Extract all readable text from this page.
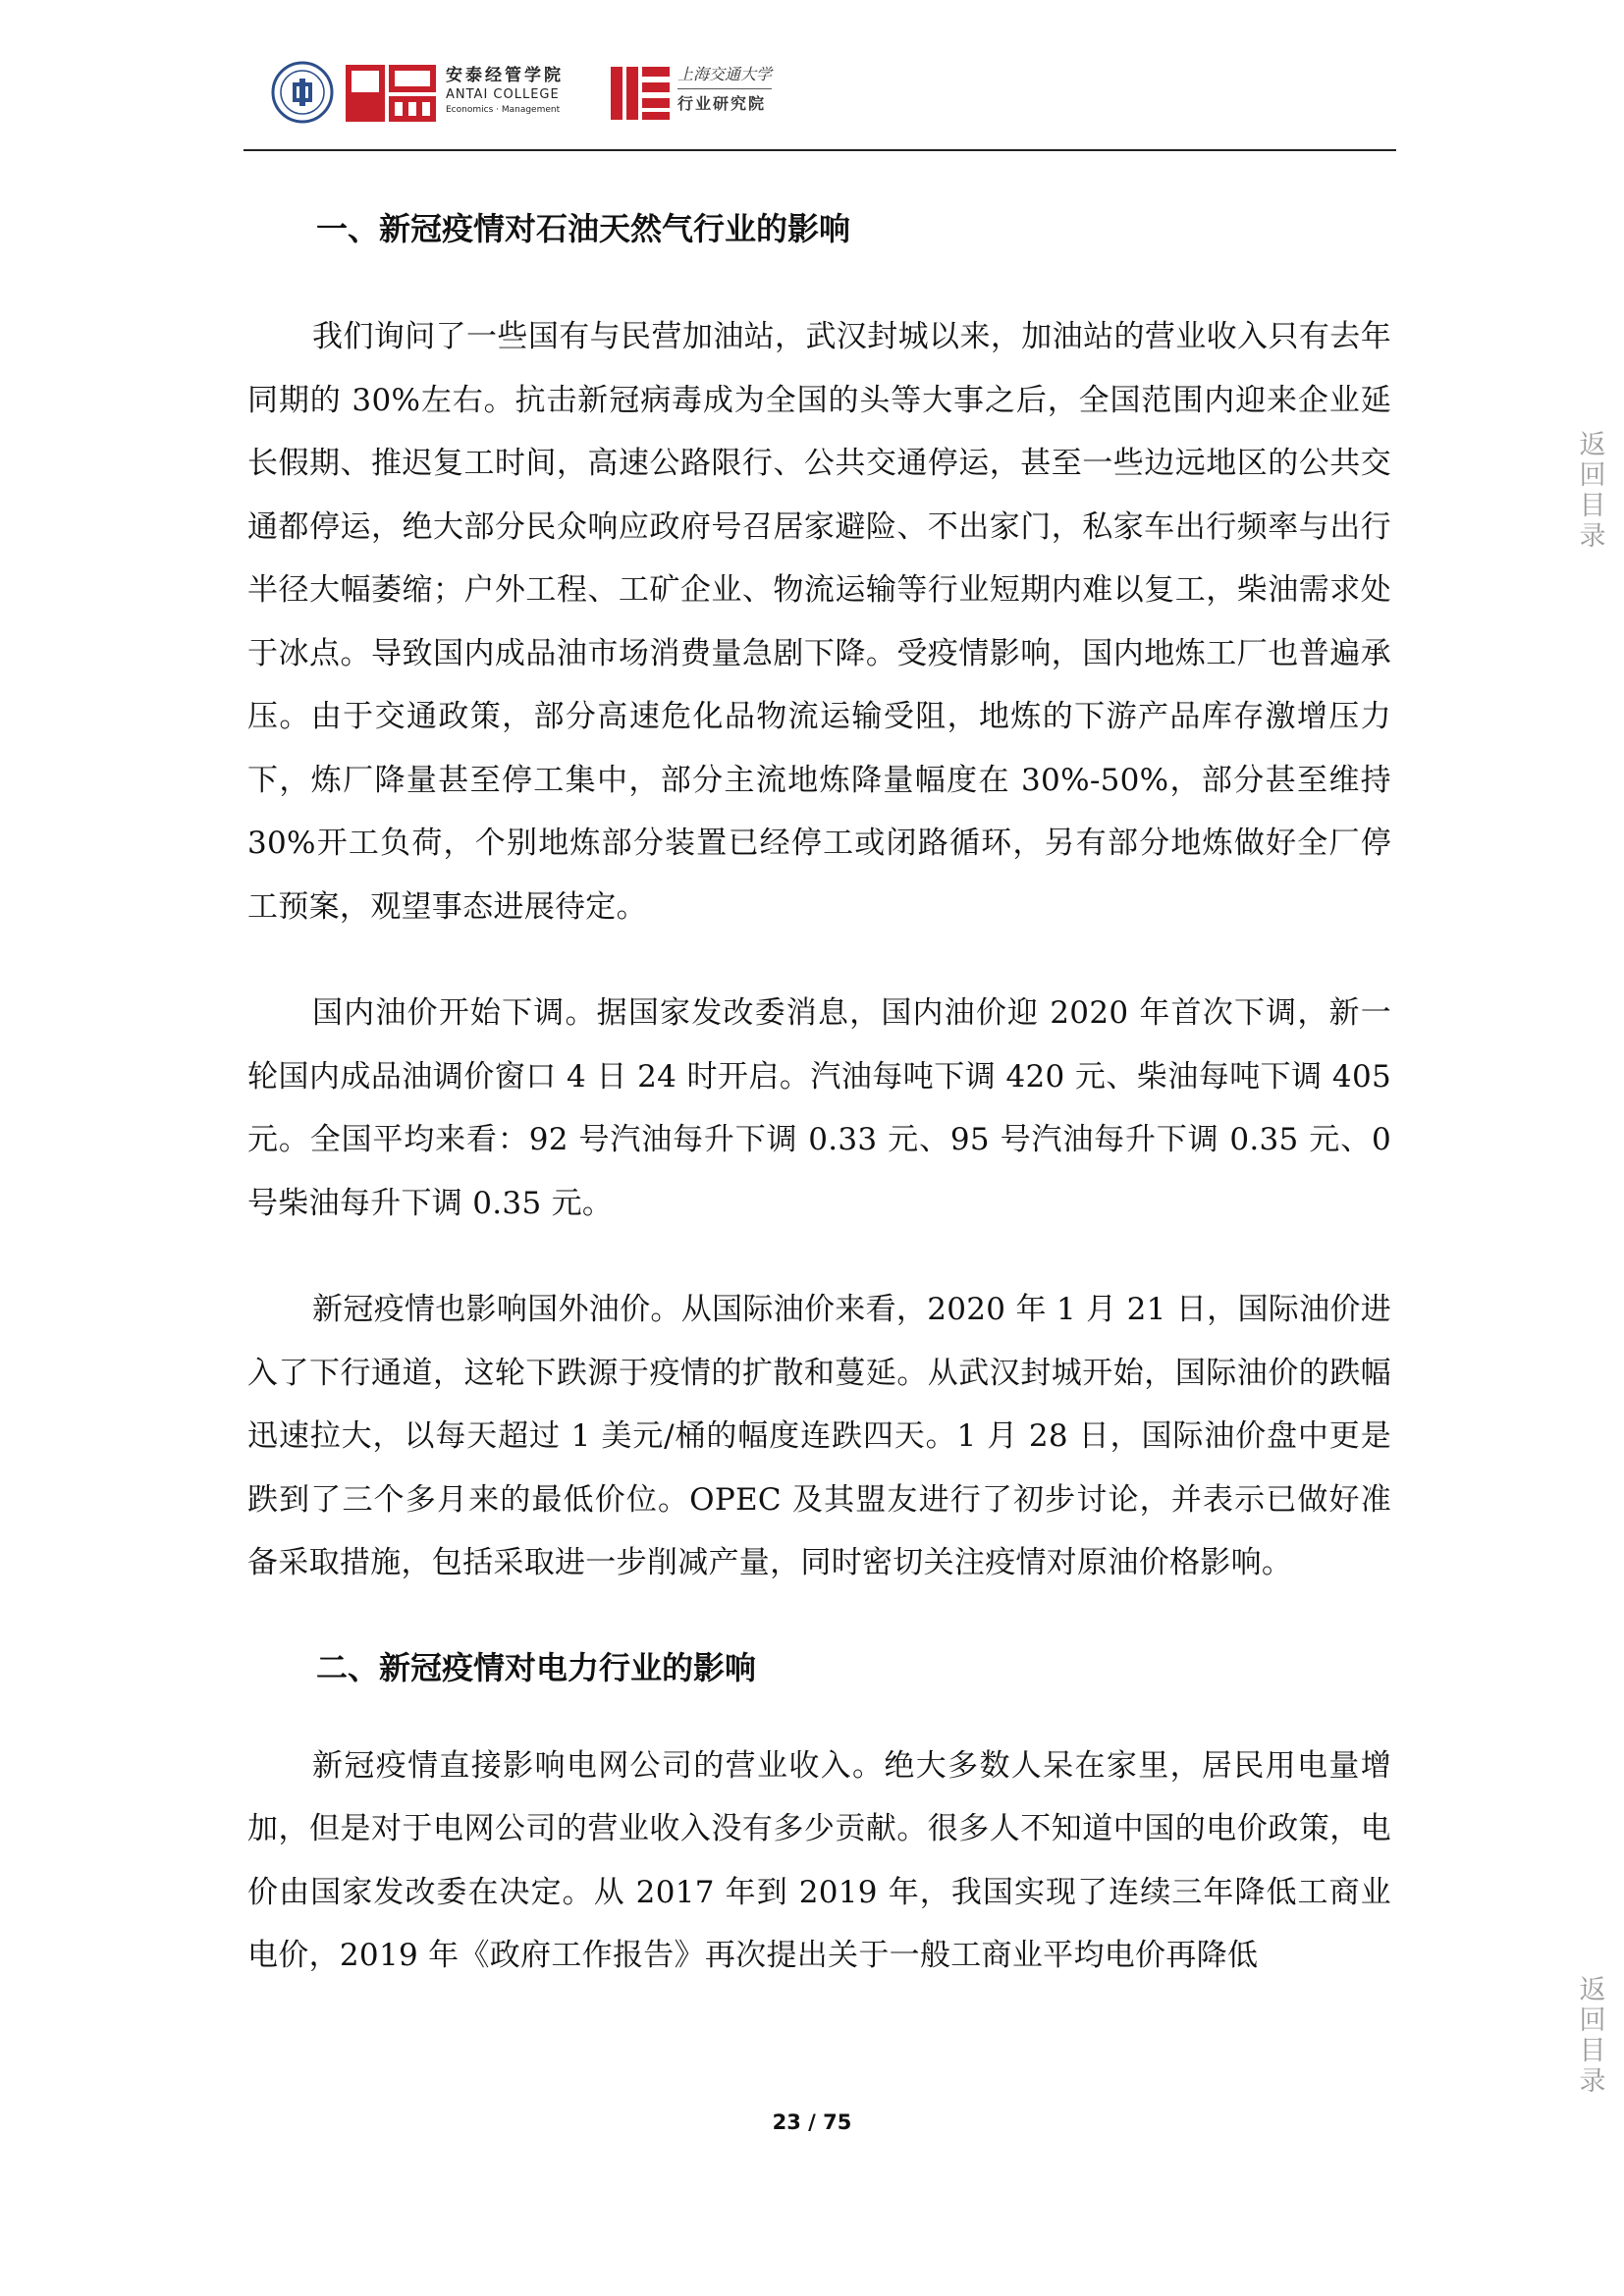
安泰经管学院
ANTAI COLLEGE
Economics · Management
上海交通大学
行业研究院
一、新冠疫情对石油天然气行业的影响

我们询问了一些国有与民营加油站，武汉封城以来，加油站的营业收入只有去年同期的 30%左右。抗击新冠病毒成为全国的头等大事之后，全国范围内迎来企业延长假期、推迟复工时间，高速公路限行、公共交通停运，甚至一些边远地区的公共交通都停运，绝大部分民众响应政府号召居家避险、不出家门，私家车出行频率与出行半径大幅萎缩；户外工程、工矿企业、物流运输等行业短期内难以复工，柴油需求处于冰点。导致国内成品油市场消费量急剧下降。受疫情影响，国内地炼工厂也普遍承压。由于交通政策，部分高速危化品物流运输受阻，地炼的下游产品库存激增压力下，炼厂降量甚至停工集中，部分主流地炼降量幅度在 30%-50%，部分甚至维持 30%开工负荷，个别地炼部分装置已经停工或闭路循环，另有部分地炼做好全厂停工预案，观望事态进展待定。

国内油价开始下调。据国家发改委消息，国内油价迎 2020 年首次下调，新一轮国内成品油调价窗口 4 日 24 时开启。汽油每吨下调 420 元、柴油每吨下调 405 元。全国平均来看：92 号汽油每升下调 0.33 元、95 号汽油每升下调 0.35 元、0 号柴油每升下调 0.35 元。

新冠疫情也影响国外油价。从国际油价来看，2020 年 1 月 21 日，国际油价进入了下行通道，这轮下跌源于疫情的扩散和蔓延。从武汉封城开始，国际油价的跌幅迅速拉大，以每天超过 1 美元/桶的幅度连跌四天。1 月 28 日，国际油价盘中更是跌到了三个多月来的最低价位。OPEC 及其盟友进行了初步讨论，并表示已做好准备采取措施，包括采取进一步削减产量，同时密切关注疫情对原油价格影响。

二、新冠疫情对电力行业的影响

新冠疫情直接影响电网公司的营业收入。绝大多数人呆在家里，居民用电量增加，但是对于电网公司的营业收入没有多少贡献。很多人不知道中国的电价政策，电价由国家发改委在决定。从 2017 年到 2019 年，我国实现了连续三年降低工商业电价，2019 年《政府工作报告》再次提出关于一般工商业平均电价再降低

返
回
目
录
返
回
目
录
23 / 75
